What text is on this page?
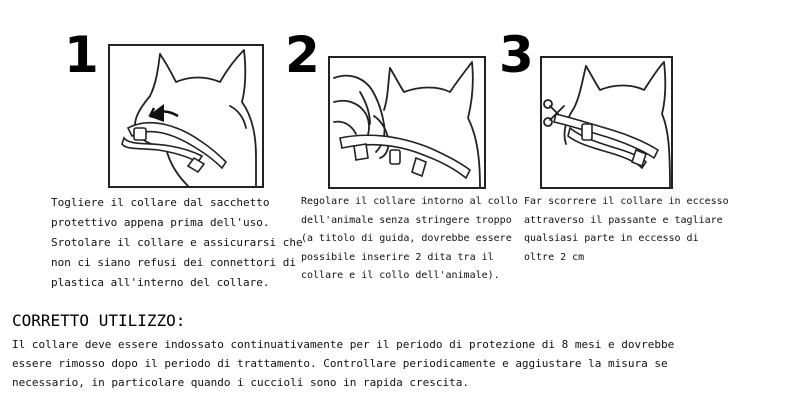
1

Togliere il collare dal sacchetto
protettivo appena prima dell'uso.
Srotolare il collare e assicurarsi che
non ci siano refusi dei connettori di
plastica all'interno del collare.

2

Regolare il collare intorno al collo
dell'animale senza stringere troppo
(a titolo di guida, dovrebbe essere
possibile inserire 2 dita tra il
collare e il collo dell'animale).

3

Far scorrere il collare in eccesso
attraverso il passante e tagliare
qualsiasi parte in eccesso di
oltre 2 cm

CORRETTO UTILIZZO:

Il collare deve essere indossato continuativamente per il periodo di protezione di 8 mesi e dovrebbe
essere rimosso dopo il periodo di trattamento. Controllare periodicamente e aggiustare la misura se
necessario, in particolare quando i cuccioli sono in rapida crescita.
